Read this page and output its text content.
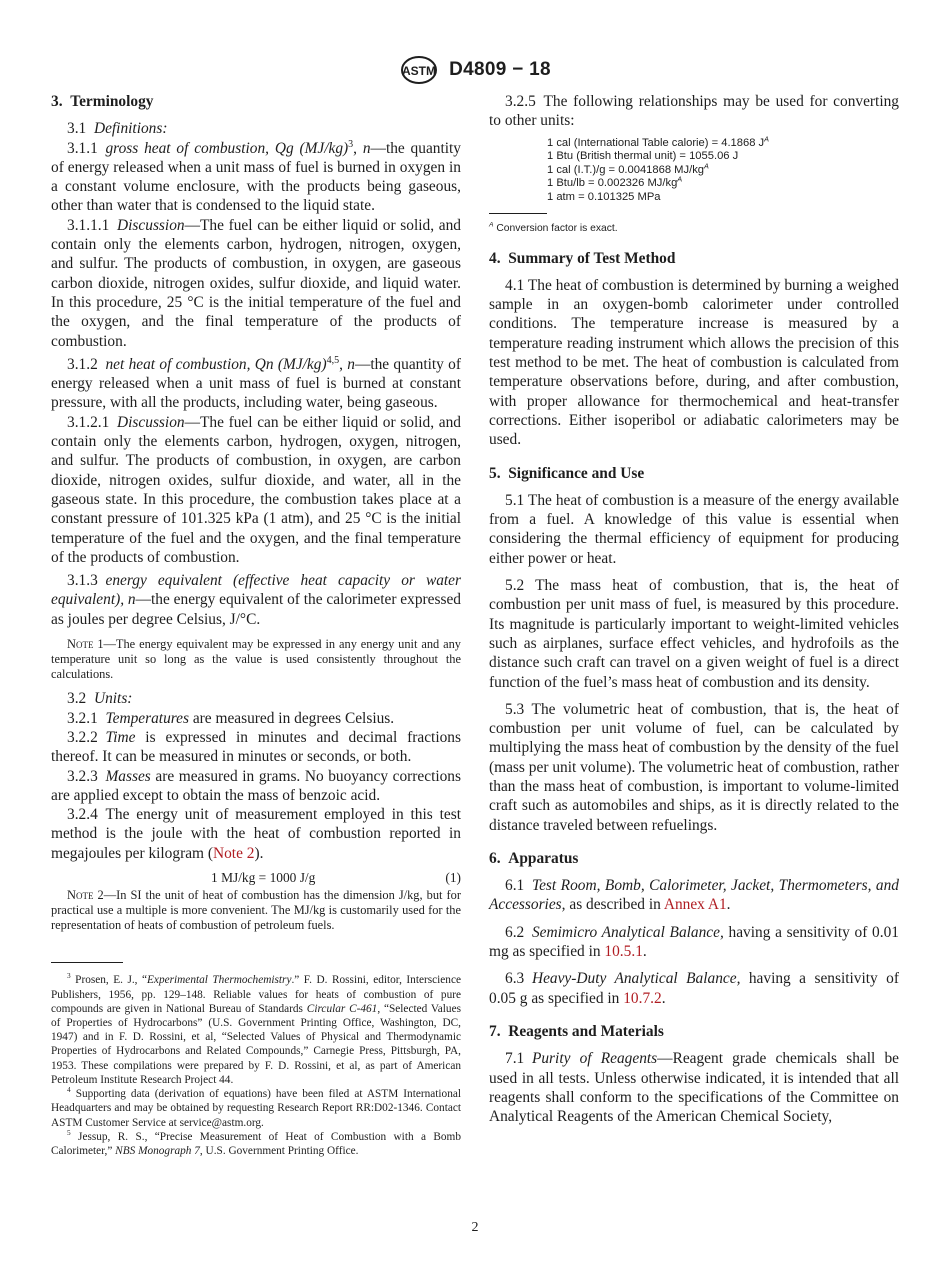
ASTM D4809 − 18
3. Terminology

3.1  Definitions:

3.1.1  gross heat of combustion, Qg $(MJ/kg)^3$, n—the quantity of energy released when a unit mass of fuel is burned in oxygen in a constant volume enclosure, with the products being gaseous, other than water that is condensed to the liquid state.

3.1.1.1  Discussion—The fuel can be either liquid or solid, and contain only the elements carbon, hydrogen, nitrogen, oxygen, and sulfur. The products of combustion, in oxygen, are gaseous carbon dioxide, nitrogen oxides, sulfur dioxide, and liquid water. In this procedure, 25 °C is the initial temperature of the fuel and the oxygen, and the final temperature of the products of combustion.

3.1.2  net heat of combustion, Qn $(MJ/kg)^{4,5}$, n—the quantity of energy released when a unit mass of fuel is burned at constant pressure, with all the products, including water, being gaseous.

3.1.2.1  Discussion—The fuel can be either liquid or solid, and contain only the elements carbon, hydrogen, oxygen, nitrogen, and sulfur. The products of combustion, in oxygen, are carbon dioxide, nitrogen oxides, sulfur dioxide, and water, all in the gaseous state. In this procedure, the combustion takes place at a constant pressure of 101.325 kPa (1 atm), and 25 °C is the initial temperature of the fuel and the oxygen, and the final temperature of the products of combustion.

3.1.3  energy equivalent (effective heat capacity or water equivalent), n—the energy equivalent of the calorimeter expressed as joules per degree Celsius, J/°C.

Note 1—The energy equivalent may be expressed in any energy unit and any temperature unit so long as the value is used consistently throughout the calculations.

3.2  Units:

3.2.1  Temperatures are measured in degrees Celsius.

3.2.2  Time is expressed in minutes and decimal fractions thereof. It can be measured in minutes or seconds, or both.

3.2.3  Masses are measured in grams. No buoyancy corrections are applied except to obtain the mass of benzoic acid.

3.2.4  The energy unit of measurement employed in this test method is the joule with the heat of combustion reported in megajoules per kilogram (Note 2).

1 MJ/kg = 1000 J/g	(1)

Note 2—In SI the unit of heat of combustion has the dimension J/kg, but for practical use a multiple is more convenient. The MJ/kg is customarily used for the representation of heats of combustion of petroleum fuels.

$^3$ Prosen, E. J., “Experimental Thermochemistry.” F. D. Rossini, editor, Interscience Publishers, 1956, pp. 129–148. Reliable values for heats of combustion of pure compounds are given in National Bureau of Standards Circular C-461, “Selected Values of Properties of Hydrocarbons” (U.S. Government Printing Office, Washington, DC, 1947) and in F. D. Rossini, et al, “Selected Values of Physical and Thermodynamic Properties of Hydrocarbons and Related Compounds,” Carnegie Press, Pittsburgh, PA, 1953. These compilations were prepared by F. D. Rossini, et al, as part of American Petroleum Institute Research Project 44.

$^4$ Supporting data (derivation of equations) have been filed at ASTM International Headquarters and may be obtained by requesting Research Report RR:D02-1346. Contact ASTM Customer Service at service@astm.org.

$^5$ Jessup, R. S., “Precise Measurement of Heat of Combustion with a Bomb Calorimeter,” NBS Monograph 7, U.S. Government Printing Office.

3.2.5  The following relationships may be used for converting to other units:

1 cal (International Table calorie) = 4.1868 $J^A$
1 Btu (British thermal unit) = 1055.06 J
1 cal (I.T.)/g = 0.0041868 $MJ/kg^A$
1 Btu/lb = 0.002326 $MJ/kg^A$
1 atm = 0.101325 MPa

$^A$ Conversion factor is exact.

4. Summary of Test Method

4.1 The heat of combustion is determined by burning a weighed sample in an oxygen-bomb calorimeter under controlled conditions. The temperature increase is measured by a temperature reading instrument which allows the precision of this test method to be met. The heat of combustion is calculated from temperature observations before, during, and after combustion, with proper allowance for thermochemical and heat-transfer corrections. Either isoperibol or adiabatic calorimeters may be used.

5. Significance and Use

5.1 The heat of combustion is a measure of the energy available from a fuel. A knowledge of this value is essential when considering the thermal efficiency of equipment for producing either power or heat.

5.2 The mass heat of combustion, that is, the heat of combustion per unit mass of fuel, is measured by this procedure. Its magnitude is particularly important to weight-limited vehicles such as airplanes, surface effect vehicles, and hydrofoils as the distance such craft can travel on a given weight of fuel is a direct function of the fuel’s mass heat of combustion and its density.

5.3 The volumetric heat of combustion, that is, the heat of combustion per unit volume of fuel, can be calculated by multiplying the mass heat of combustion by the density of the fuel (mass per unit volume). The volumetric heat of combustion, rather than the mass heat of combustion, is important to volume-limited craft such as automobiles and ships, as it is directly related to the distance traveled between refuelings.

6. Apparatus

6.1  Test Room, Bomb, Calorimeter, Jacket, Thermometers, and Accessories, as described in Annex A1.

6.2  Semimicro Analytical Balance, having a sensitivity of 0.01 mg as specified in 10.5.1.

6.3  Heavy-Duty Analytical Balance, having a sensitivity of 0.05 g as specified in 10.7.2.

7. Reagents and Materials

7.1  Purity of Reagents—Reagent grade chemicals shall be used in all tests. Unless otherwise indicated, it is intended that all reagents shall conform to the specifications of the Committee on Analytical Reagents of the American Chemical Society,

2
